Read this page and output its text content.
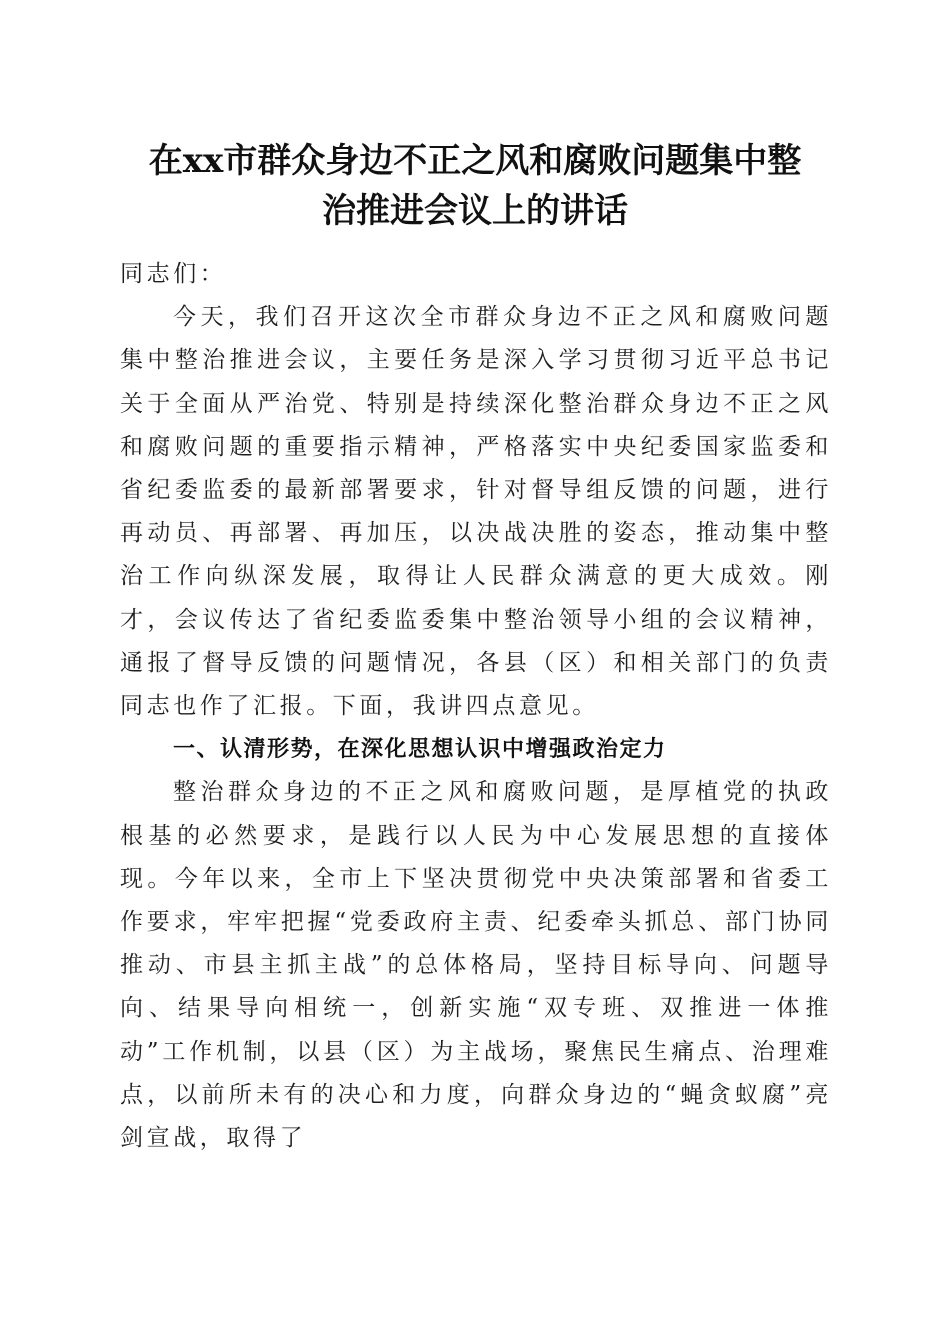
在xx市群众身边不正之风和腐败问题集中整
治推进会议上的讲话

同志们：

今天，我们召开这次全市群众身边不正之风和腐败问题集中整治推进会议，主要任务是深入学习贯彻习近平总书记关于全面从严治党、特别是持续深化整治群众身边不正之风和腐败问题的重要指示精神，严格落实中央纪委国家监委和省纪委监委的最新部署要求，针对督导组反馈的问题，进行再动员、再部署、再加压，以决战决胜的姿态，推动集中整治工作向纵深发展，取得让人民群众满意的更大成效。刚才，会议传达了省纪委监委集中整治领导小组的会议精神，通报了督导反馈的问题情况，各县（区）和相关部门的负责同志也作了汇报。下面，我讲四点意见。

一、认清形势，在深化思想认识中增强政治定力

整治群众身边的不正之风和腐败问题，是厚植党的执政根基的必然要求，是践行以人民为中心发展思想的直接体现。今年以来，全市上下坚决贯彻党中央决策部署和省委工作要求，牢牢把握“党委政府主责、纪委牵头抓总、部门协同推动、市县主抓主战”的总体格局，坚持目标导向、问题导向、结果导向相统一，创新实施“双专班、双推进一体推动”工作机制，以县（区）为主战场，聚焦民生痛点、治理难点，以前所未有的决心和力度，向群众身边的“蝇贪蚁腐”亮剑宣战，取得了
